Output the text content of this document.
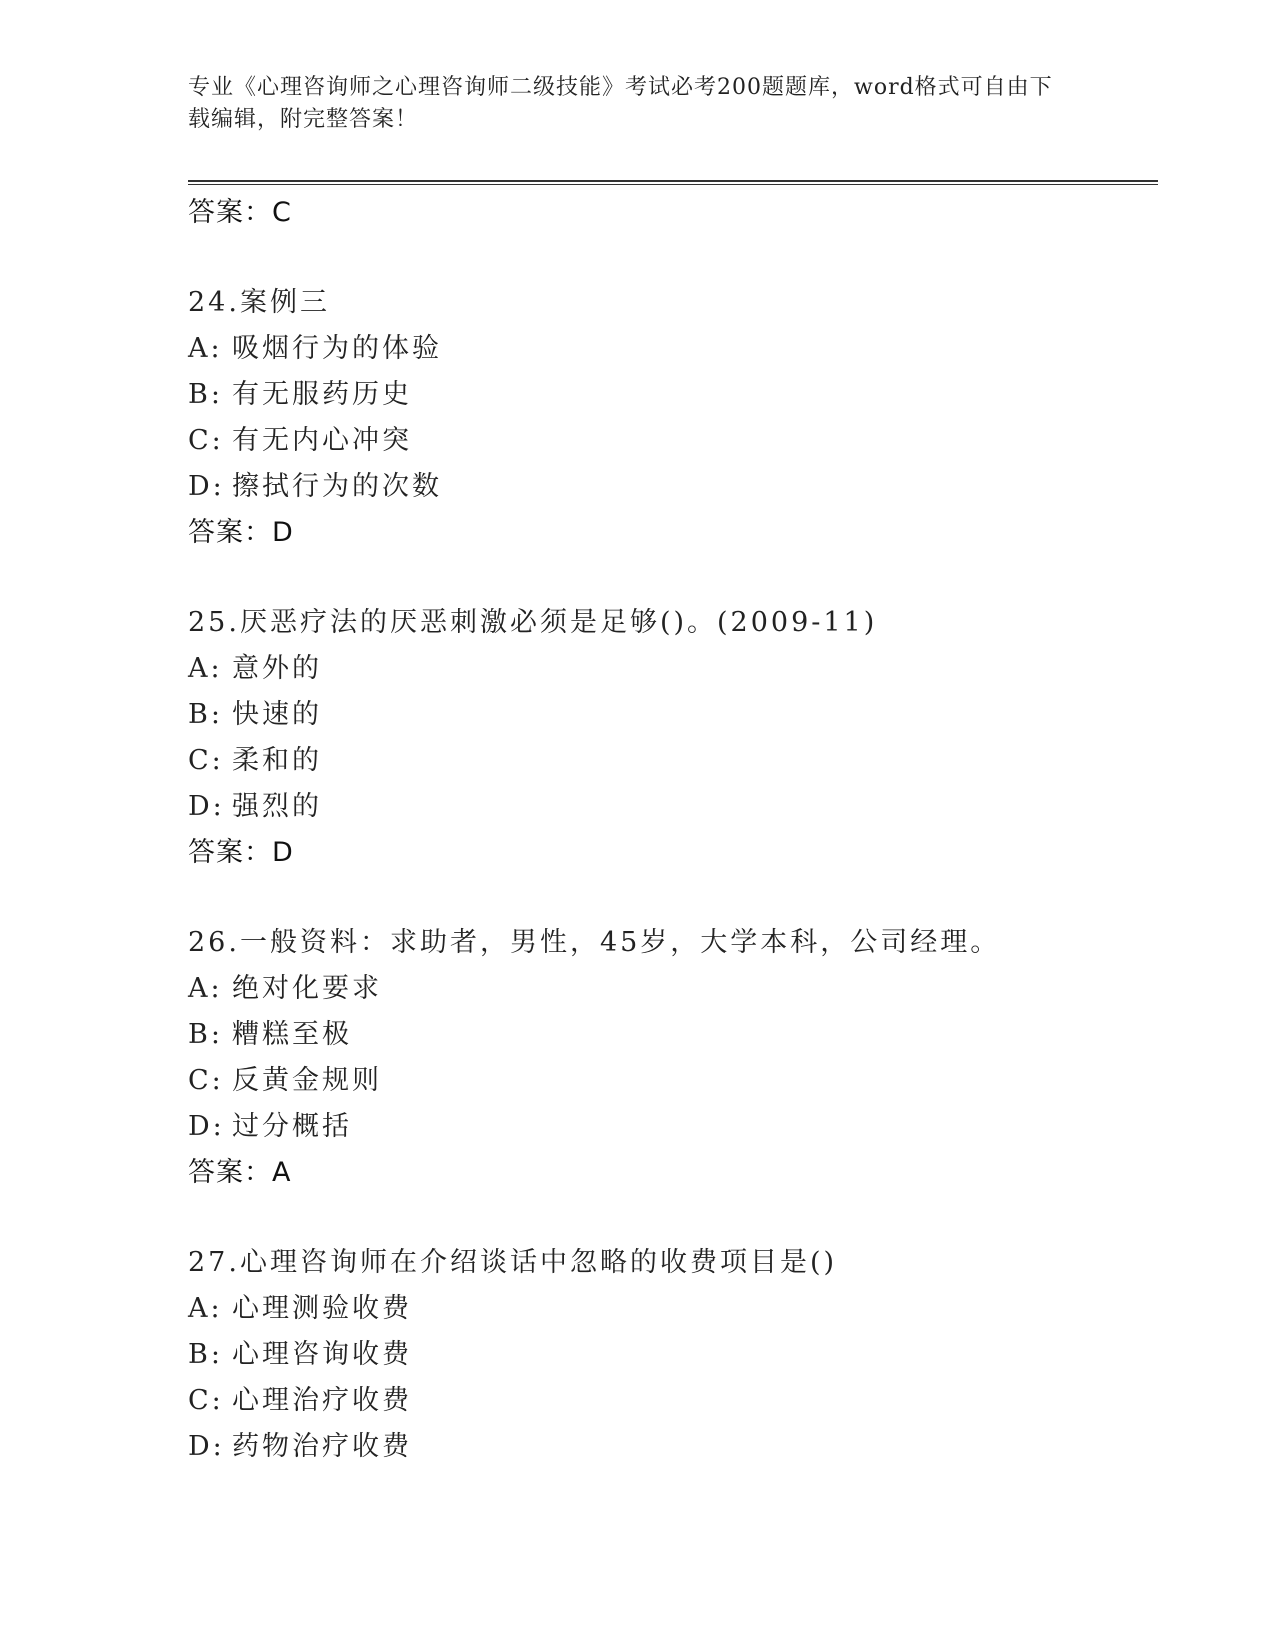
专业《心理咨询师之心理咨询师二级技能》考试必考200题题库，word格式可自由下载编辑，附完整答案！
答案：C
24.案例三
A: 吸烟行为的体验
B: 有无服药历史
C: 有无内心冲突
D: 擦拭行为的次数
答案：D
25.厌恶疗法的厌恶刺激必须是足够()。(2009-11)
A: 意外的
B: 快速的
C: 柔和的
D: 强烈的
答案：D
26.一般资料：求助者，男性，45岁，大学本科，公司经理。
A: 绝对化要求
B: 糟糕至极
C: 反黄金规则
D: 过分概括
答案：A
27.心理咨询师在介绍谈话中忽略的收费项目是()
A: 心理测验收费
B: 心理咨询收费
C: 心理治疗收费
D: 药物治疗收费
